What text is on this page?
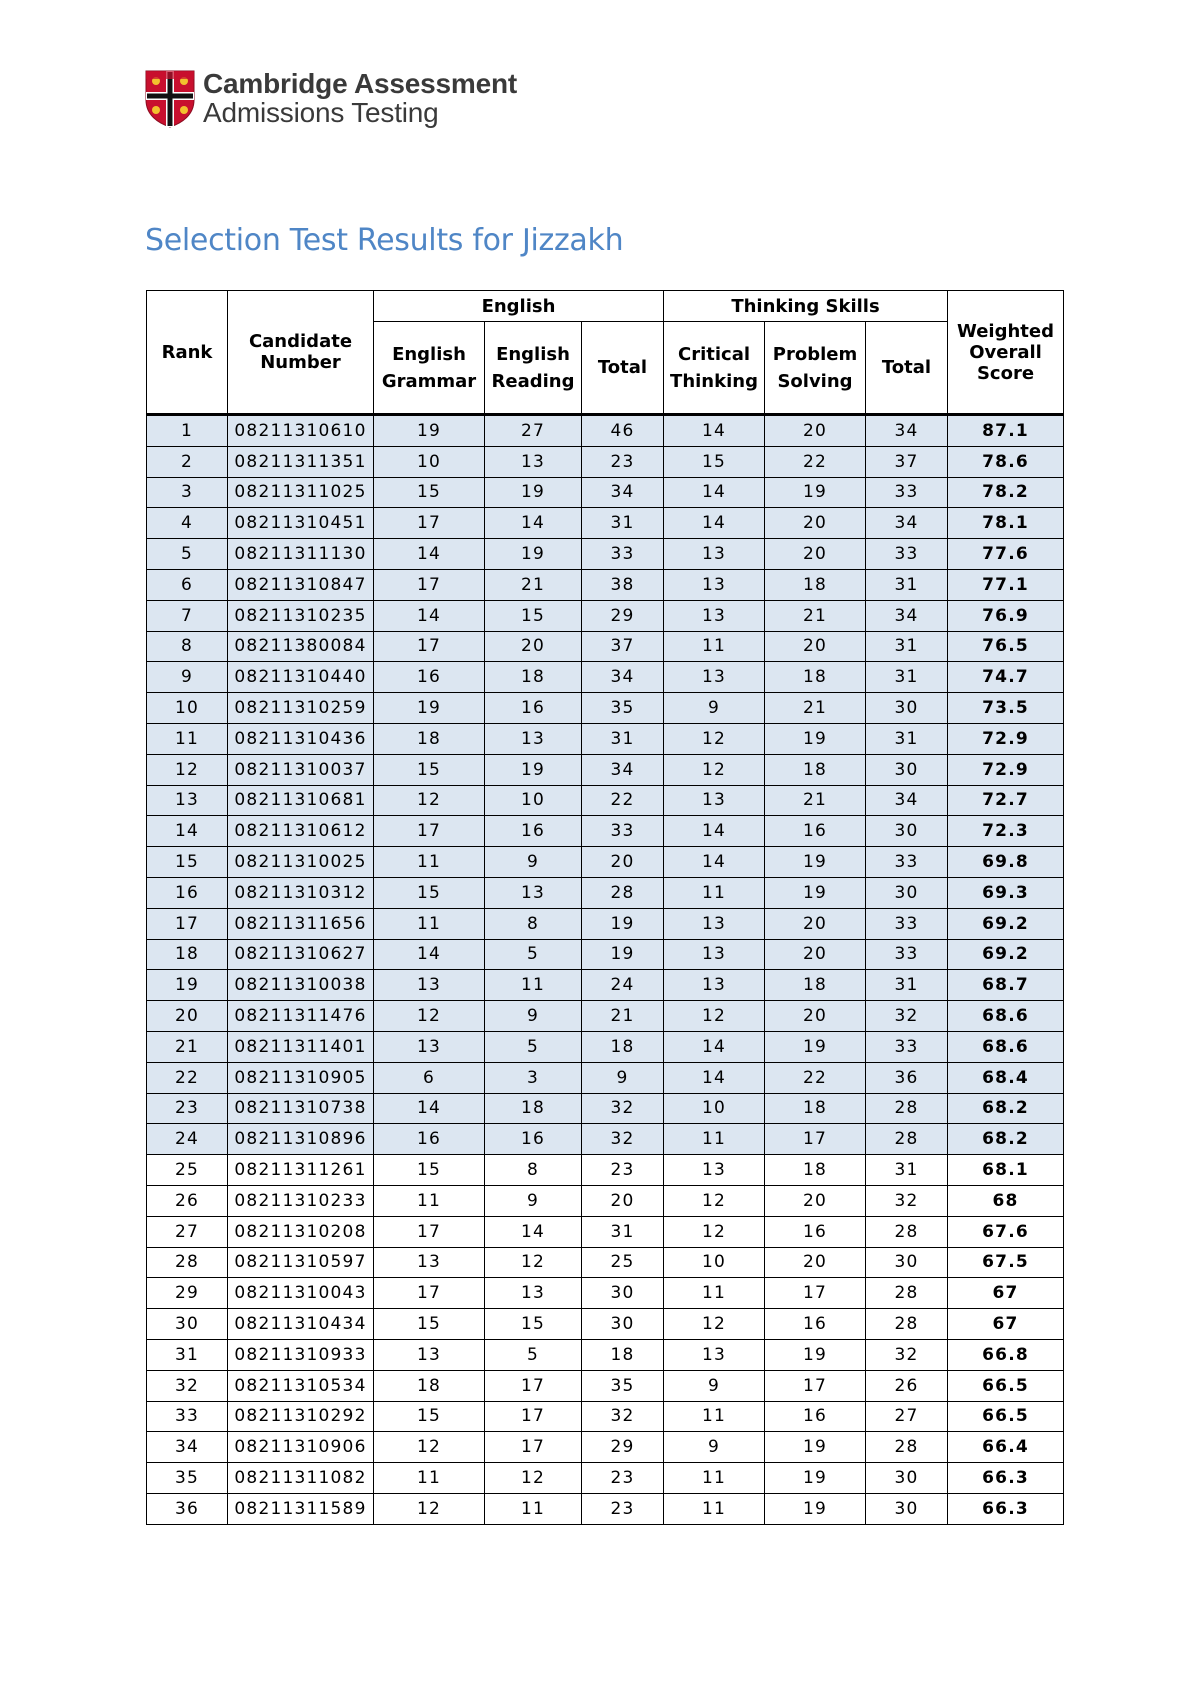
Cambridge Assessment
Admissions Testing
Selection Test Results for Jizzakh
Rank	Candidate Number	English			Thinking Skills			Weighted Overall Score
		English Grammar	English Reading	Total	Critical Thinking	Problem Solving	Total	
1	08211310610	19	27	46	14	20	34	87.1
2	08211311351	10	13	23	15	22	37	78.6
3	08211311025	15	19	34	14	19	33	78.2
4	08211310451	17	14	31	14	20	34	78.1
5	08211311130	14	19	33	13	20	33	77.6
6	08211310847	17	21	38	13	18	31	77.1
7	08211310235	14	15	29	13	21	34	76.9
8	08211380084	17	20	37	11	20	31	76.5
9	08211310440	16	18	34	13	18	31	74.7
10	08211310259	19	16	35	9	21	30	73.5
11	08211310436	18	13	31	12	19	31	72.9
12	08211310037	15	19	34	12	18	30	72.9
13	08211310681	12	10	22	13	21	34	72.7
14	08211310612	17	16	33	14	16	30	72.3
15	08211310025	11	9	20	14	19	33	69.8
16	08211310312	15	13	28	11	19	30	69.3
17	08211311656	11	8	19	13	20	33	69.2
18	08211310627	14	5	19	13	20	33	69.2
19	08211310038	13	11	24	13	18	31	68.7
20	08211311476	12	9	21	12	20	32	68.6
21	08211311401	13	5	18	14	19	33	68.6
22	08211310905	6	3	9	14	22	36	68.4
23	08211310738	14	18	32	10	18	28	68.2
24	08211310896	16	16	32	11	17	28	68.2
25	08211311261	15	8	23	13	18	31	68.1
26	08211310233	11	9	20	12	20	32	68
27	08211310208	17	14	31	12	16	28	67.6
28	08211310597	13	12	25	10	20	30	67.5
29	08211310043	17	13	30	11	17	28	67
30	08211310434	15	15	30	12	16	28	67
31	08211310933	13	5	18	13	19	32	66.8
32	08211310534	18	17	35	9	17	26	66.5
33	08211310292	15	17	32	11	16	27	66.5
34	08211310906	12	17	29	9	19	28	66.4
35	08211311082	11	12	23	11	19	30	66.3
36	08211311589	12	11	23	11	19	30	66.3
